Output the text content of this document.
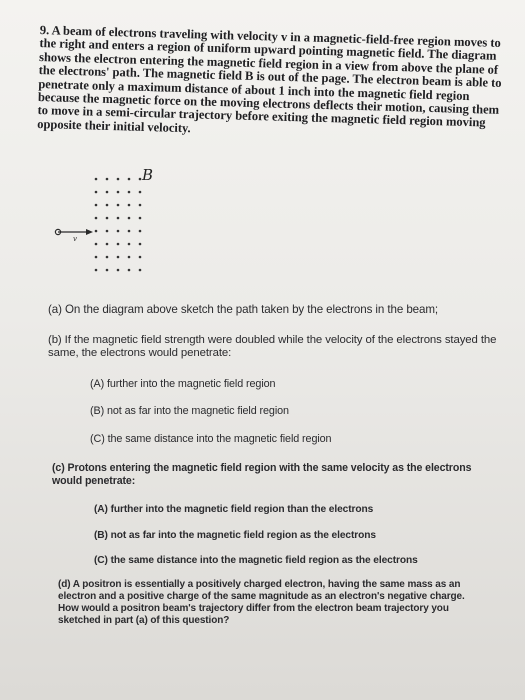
9. A beam of electrons traveling with velocity v in a magnetic-field-free region moves to the right and enters a region of uniform upward pointing magnetic field. The diagram shows the electron entering the magnetic field region in a view from above the plane of the electrons' path. The magnetic field B is out of the page. The electron beam is able to penetrate only a maximum distance of about 1 inch into the magnetic field region because the magnetic force on the moving electrons deflects their motion, causing them to move in a semi-circular trajectory before exiting the magnetic field region moving opposite their initial velocity.
B
v
(a) On the diagram above sketch the path taken by the electrons in the beam;
(b) If the magnetic field strength were doubled while the velocity of the electrons stayed the same, the electrons would penetrate:
(A) further into the magnetic field region
(B) not as far into the magnetic field region
(C) the same distance into the magnetic field region
(c) Protons entering the magnetic field region with the same velocity as the electrons would penetrate:
(A) further into the magnetic field region than the electrons
(B) not as far into the magnetic field region as the electrons
(C) the same distance into the magnetic field region as the electrons
(d) A positron is essentially a positively charged electron, having the same mass as an electron and a positive charge of the same magnitude as an electron's negative charge. How would a positron beam's trajectory differ from the electron beam trajectory you sketched in part (a) of this question?
